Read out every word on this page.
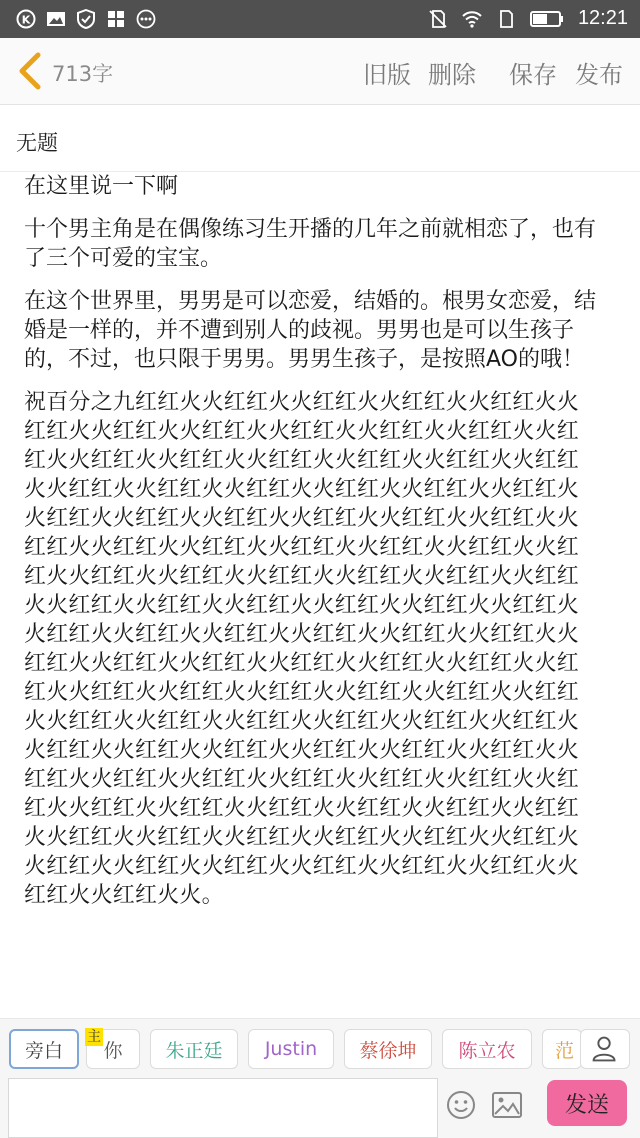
K	12:21
713字	旧版 删除 保存 发布
无题

在这里说一下啊

十个男主角是在偶像练习生开播的几年之前就相恋了，也有了三个可爱的宝宝。

在这个世界里，男男是可以恋爱，结婚的。根男女恋爱，结婚是一样的，并不遭到别人的歧视。男男也是可以生孩子的，不过，也只限于男男。男男生孩子，是按照AO的哦！

祝百分之九红红火火红红火火红红火火红红火火红红火火红红火火红红火火红红火火红红火火红红火火红红火火红红火火红红火火红红火火红红火火红红火火红红火火红红火火红红火火红红火火红红火火红红火火红红火火红红火火红红火火红红火火红红火火红红火火红红火火红红火火红红火火红红火火红红火火红红火火红红火火红红火火红红火火红红火火红红火火红红火火红红火火红红火火红红火火红红火火红红火火红红火火红红火火红红火火红红火火红红火火红红火火红红火火红红火火红红火火红红火火红红火火红红火火红红火火红红火火红红火火红红火火红红火火红红火火红红火火红红火火红红火火红红火火红红火火红红火火红红火火红红火火红红火火红红火火红红火火红红火火红红火火红红火火红红火火红红火火红红火火红红火火红红火火红红火火红红火火红红火火红红火火红红火火红红火火红红火火红红火火红红火火红红火火红红火火红红火火红红火火红红火火红红火火红红火火红红火火红红火火红红火火红红火火红红火火红红火火红红火火红红火火红红火火。

旁白
主
你 朱正廷 Justin 蔡徐坤 陈立农 范
发送
